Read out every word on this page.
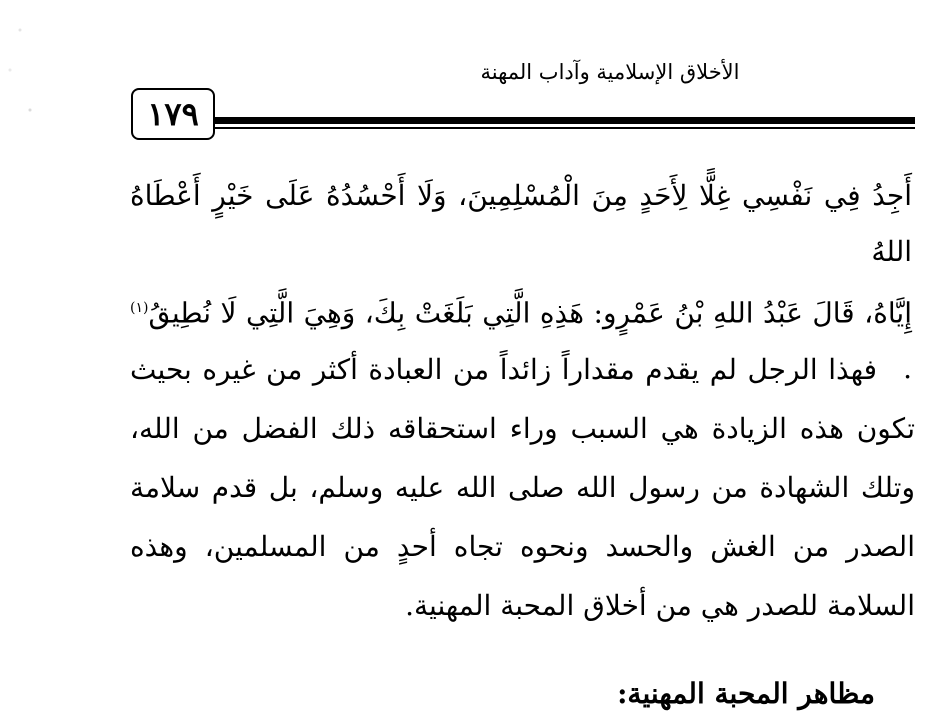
الأخلاق الإسلامية وآداب المهنة
١٧٩
أَجِدُ فِي نَفْسِي غِلًّا لِأَحَدٍ مِنَ الْمُسْلِمِينَ، وَلَا أَحْسُدُهُ عَلَى خَيْرٍ أَعْطَاهُ اللهُ
إِيَّاهُ، قَالَ عَبْدُ اللهِ بْنُ عَمْرٍو: هَذِهِ الَّتِي بَلَغَتْ بِكَ، وَهِيَ الَّتِي لَا نُطِيقُ$^{(١)}$ .

فهذا الرجل لم يقدم مقداراً زائداً من العبادة أكثر من غيره بحيث تكون هذه الزيادة هي السبب وراء استحقاقه ذلك الفضل من الله، وتلك الشهادة من رسول الله صلى الله عليه وسلم، بل قدم سلامة الصدر من الغش والحسد ونحوه تجاه أحدٍ من المسلمين، وهذه السلامة للصدر هي من أخلاق المحبة المهنية.

مظاهر المحبة المهنية:
